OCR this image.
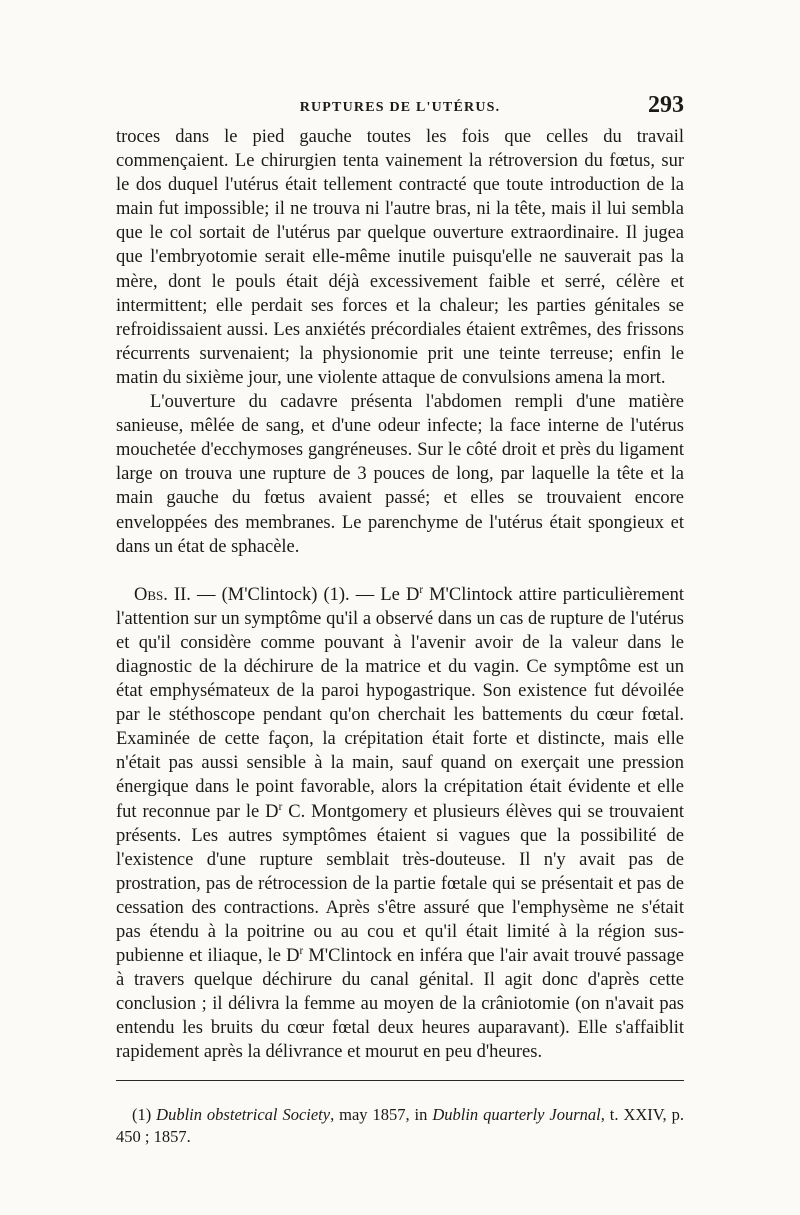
RUPTURES DE L'UTÉRUS.	293

troces dans le pied gauche toutes les fois que celles du travail commençaient. Le chirurgien tenta vainement la rétroversion du fœtus, sur le dos duquel l'utérus était tellement contracté que toute introduction de la main fut impossible; il ne trouva ni l'autre bras, ni la tête, mais il lui sembla que le col sortait de l'utérus par quelque ouverture extraordinaire. Il jugea que l'embryotomie serait elle-même inutile puisqu'elle ne sauverait pas la mère, dont le pouls était déjà excessivement faible et serré, célère et intermittent; elle perdait ses forces et la chaleur; les parties génitales se refroidissaient aussi. Les anxiétés précordiales étaient extrêmes, des frissons récurrents survenaient; la physionomie prit une teinte terreuse; enfin le matin du sixième jour, une violente attaque de convulsions amena la mort.

L'ouverture du cadavre présenta l'abdomen rempli d'une matière sanieuse, mêlée de sang, et d'une odeur infecte; la face interne de l'utérus mouchetée d'ecchymoses gangréneuses. Sur le côté droit et près du ligament large on trouva une rupture de 3 pouces de long, par laquelle la tête et la main gauche du fœtus avaient passé; et elles se trouvaient encore enveloppées des membranes. Le parenchyme de l'utérus était spongieux et dans un état de sphacèle.

Obs. II. — (M'Clintock) (1). — Le $D^r$ M'Clintock attire particulièrement l'attention sur un symptôme qu'il a observé dans un cas de rupture de l'utérus et qu'il considère comme pouvant à l'avenir avoir de la valeur dans le diagnostic de la déchirure de la matrice et du vagin. Ce symptôme est un état emphysémateux de la paroi hypogastrique. Son existence fut dévoilée par le stéthoscope pendant qu'on cherchait les battements du cœur fœtal. Examinée de cette façon, la crépitation était forte et distincte, mais elle n'était pas aussi sensible à la main, sauf quand on exerçait une pression énergique dans le point favorable, alors la crépitation était évidente et elle fut reconnue par le $D^r$ C. Montgomery et plusieurs élèves qui se trouvaient présents. Les autres symptômes étaient si vagues que la possibilité de l'existence d'une rupture semblait très-douteuse. Il n'y avait pas de prostration, pas de rétrocession de la partie fœtale qui se présentait et pas de cessation des contractions. Après s'être assuré que l'emphysème ne s'était pas étendu à la poitrine ou au cou et qu'il était limité à la région sus-pubienne et iliaque, le $D^r$ M'Clintock en inféra que l'air avait trouvé passage à travers quelque déchirure du canal génital. Il agit donc d'après cette conclusion ; il délivra la femme au moyen de la crâniotomie (on n'avait pas entendu les bruits du cœur fœtal deux heures auparavant). Elle s'affaiblit rapidement après la délivrance et mourut en peu d'heures.

(1) Dublin obstetrical Society, may 1857, in Dublin quarterly Journal, t. XXIV, p. 450 ; 1857.
